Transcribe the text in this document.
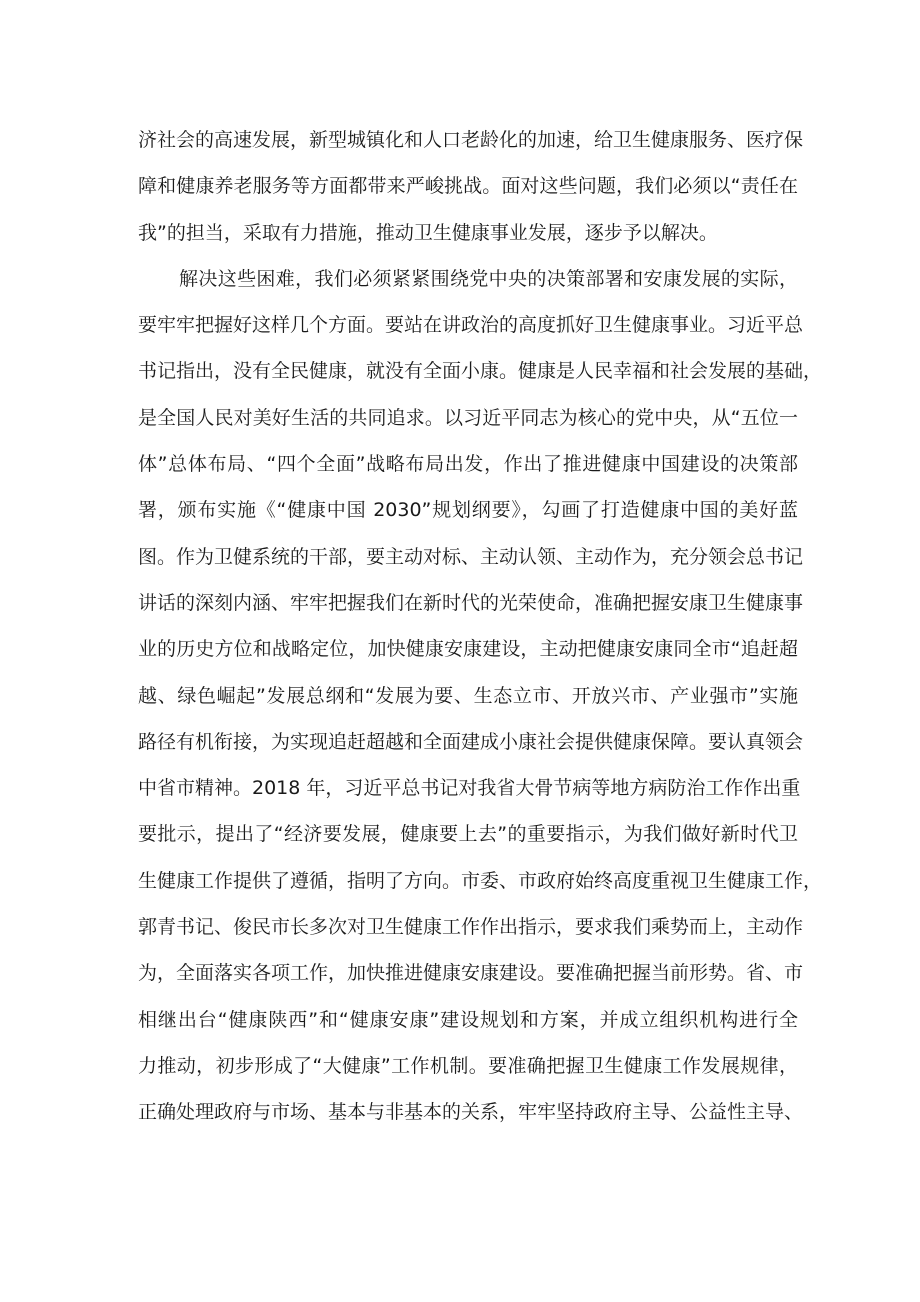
济社会的高速发展，新型城镇化和人口老龄化的加速，给卫生健康服务、医疗保
障和健康养老服务等方面都带来严峻挑战。面对这些问题，我们必须以“责任在
我”的担当，采取有力措施，推动卫生健康事业发展，逐步予以解决。
解决这些困难，我们必须紧紧围绕党中央的决策部署和安康发展的实际，
要牢牢把握好这样几个方面。要站在讲政治的高度抓好卫生健康事业。习近平总
书记指出，没有全民健康，就没有全面小康。健康是人民幸福和社会发展的基础，
是全国人民对美好生活的共同追求。以习近平同志为核心的党中央，从“五位一
体”总体布局、“四个全面”战略布局出发，作出了推进健康中国建设的决策部
署，颁布实施《“健康中国 2030”规划纲要》，勾画了打造健康中国的美好蓝
图。作为卫健系统的干部，要主动对标、主动认领、主动作为，充分领会总书记
讲话的深刻内涵、牢牢把握我们在新时代的光荣使命，准确把握安康卫生健康事
业的历史方位和战略定位，加快健康安康建设，主动把健康安康同全市“追赶超
越、绿色崛起”发展总纲和“发展为要、生态立市、开放兴市、产业强市”实施
路径有机衔接，为实现追赶超越和全面建成小康社会提供健康保障。要认真领会
中省市精神。2018 年，习近平总书记对我省大骨节病等地方病防治工作作出重
要批示，提出了“经济要发展，健康要上去”的重要指示，为我们做好新时代卫
生健康工作提供了遵循，指明了方向。市委、市政府始终高度重视卫生健康工作，
郭青书记、俊民市长多次对卫生健康工作作出指示，要求我们乘势而上，主动作
为，全面落实各项工作，加快推进健康安康建设。要准确把握当前形势。省、市
相继出台“健康陕西”和“健康安康”建设规划和方案，并成立组织机构进行全
力推动，初步形成了“大健康”工作机制。要准确把握卫生健康工作发展规律，
正确处理政府与市场、基本与非基本的关系，牢牢坚持政府主导、公益性主导、
